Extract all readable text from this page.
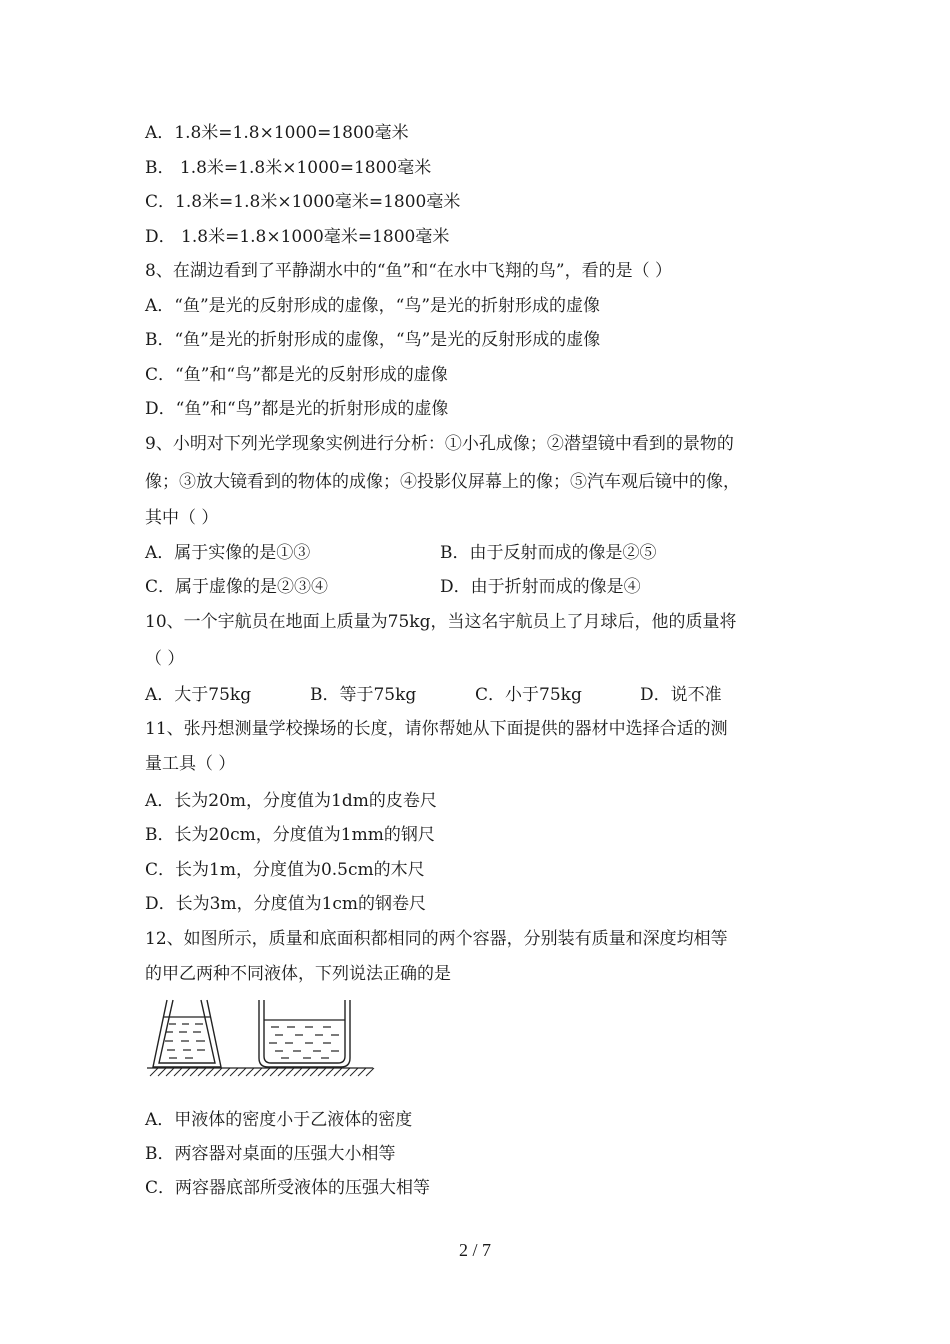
A．1.8米=1.8×1000=1800毫米
B． 1.8米=1.8米×1000=1800毫米
C．1.8米=1.8米×1000毫米=1800毫米
D． 1.8米=1.8×1000毫米=1800毫米
8、在湖边看到了平静湖水中的“鱼”和“在水中飞翔的鸟”，看的是（ ）
A．“鱼”是光的反射形成的虚像，“鸟”是光的折射形成的虚像
B．“鱼”是光的折射形成的虚像，“鸟”是光的反射形成的虚像
C．“鱼”和“鸟”都是光的反射形成的虚像
D．“鱼”和“鸟”都是光的折射形成的虚像
9、小明对下列光学现象实例进行分析：①小孔成像；②潜望镜中看到的景物的
像；③放大镜看到的物体的成像；④投影仪屏幕上的像；⑤汽车观后镜中的像，
其中（ ）
A．属于实像的是①③	B．由于反射而成的像是②⑤
C．属于虚像的是②③④	D．由于折射而成的像是④
10、一个宇航员在地面上质量为75kg，当这名宇航员上了月球后，他的质量将
（ ）
A．大于75kg	B．等于75kg	C．小于75kg	D．说不准
11、张丹想测量学校操场的长度，请你帮她从下面提供的器材中选择合适的测
量工具（ ）
A．长为20m，分度值为1dm的皮卷尺
B．长为20cm，分度值为1mm的钢尺
C．长为1m，分度值为0.5cm的木尺
D．长为3m，分度值为1cm的钢卷尺
12、如图所示，质量和底面积都相同的两个容器，分别装有质量和深度均相等
的甲乙两种不同液体，下列说法正确的是
A．甲液体的密度小于乙液体的密度
B．两容器对桌面的压强大小相等
C．两容器底部所受液体的压强大相等
2 / 7
